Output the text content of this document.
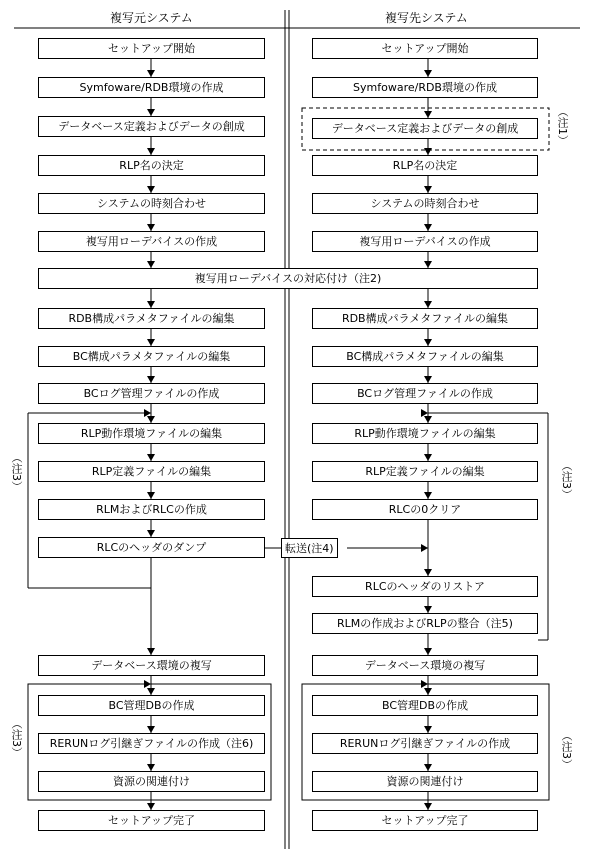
複写元システム	複写先システム
セットアップ開始
Symfoware/RDB環境の作成
データベース定義およびデータの創成
RLP名の決定
システムの時刻合わせ
複写用ローデバイスの作成
RDB構成パラメタファイルの編集
BC構成パラメタファイルの編集
BCログ管理ファイルの作成
RLP動作環境ファイルの編集
RLP定義ファイルの編集
RLMおよびRLCの作成
RLCのヘッダのダンプ
データベース環境の複写
BC管理DBの作成
RERUNログ引継ぎファイルの作成（注6)
資源の関連付け
セットアップ完了
複写用ローデバイスの対応付け（注2)
セットアップ開始
Symfoware/RDB環境の作成
データベース定義およびデータの創成
RLP名の決定
システムの時刻合わせ
複写用ローデバイスの作成
RDB構成パラメタファイルの編集
BC構成パラメタファイルの編集
BCログ管理ファイルの作成
RLP動作環境ファイルの編集
RLP定義ファイルの編集
RLCの0クリア
RLCのヘッダのリストア
RLMの作成およびRLPの整合（注5)
データベース環境の複写
BC管理DBの作成
RERUNログ引継ぎファイルの作成
資源の関連付け
セットアップ完了
（注1）
（注3）	（注3）
（注3）	（注3）
転送(注4)
